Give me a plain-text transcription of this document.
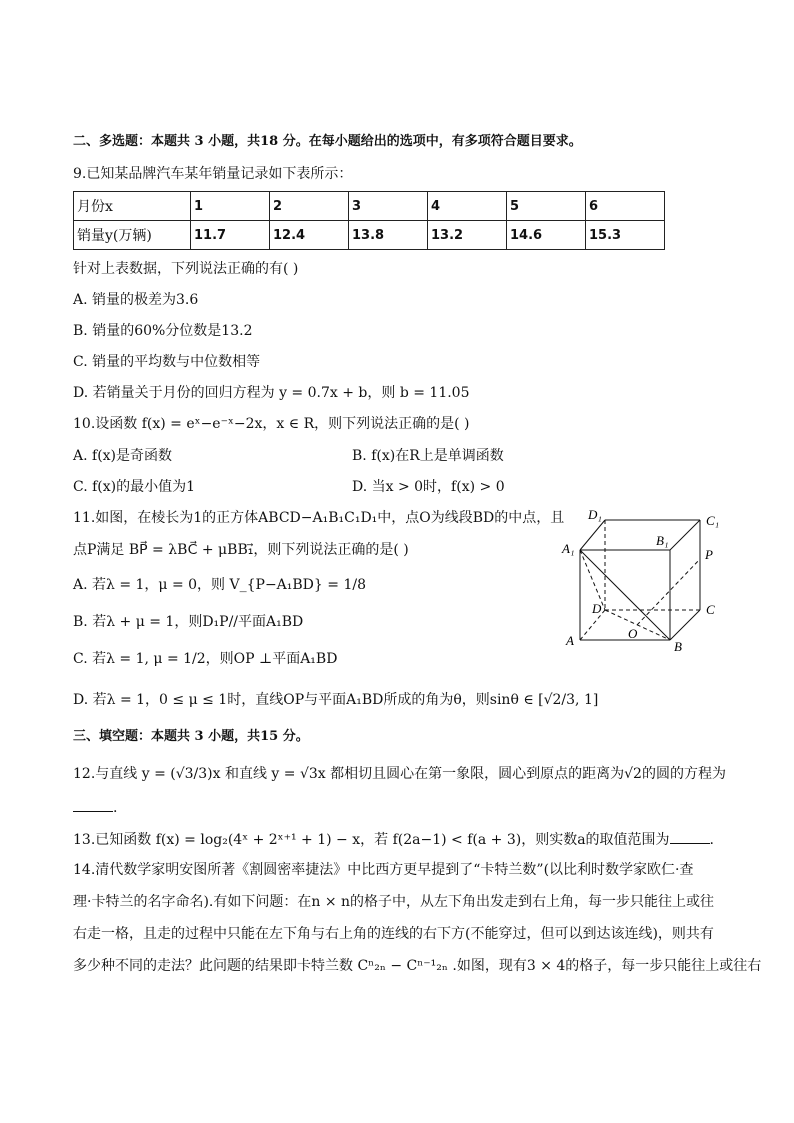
二、多选题：本题共 3 小题，共18 分。在每小题给出的选项中，有多项符合题目要求。
9.已知某品牌汽车某年销量记录如下表所示：
月份x	1	2	3	4	5	6
销量y(万辆)	11.7	12.4	13.8	13.2	14.6	15.3
针对上表数据，下列说法正确的有( )
A. 销量的极差为3.6
B. 销量的60%分位数是13.2
C. 销量的平均数与中位数相等
D. 若销量关于月份的回归方程为 y = 0.7x + b，则 b = 11.05
10.设函数 f(x) = eˣ−e⁻ˣ−2x，x ∈ R，则下列说法正确的是( )
A. f(x)是奇函数	B. f(x)在R上是单调函数
C. f(x)的最小值为1	D. 当x > 0时，f(x) > 0
11.如图，在棱长为1的正方体ABCD−A₁B₁C₁D₁中，点O为线段BD的中点，且
点P满足 BP⃗ = λBC⃗ + μBB₁⃗，则下列说法正确的是( )
A. 若λ = 1，μ = 0，则 V_{P−A₁BD} = 1/8
B. 若λ + μ = 1，则D₁P//平面A₁BD
C. 若λ = 1, μ = 1/2，则OP ⊥平面A₁BD
D. 若λ = 1，0 ≤ μ ≤ 1时，直线OP与平面A₁BD所成的角为θ，则sinθ ∈ [√2/3, 1]
D₁	C₁
A₁
B₁
P
D	C
O
A	B
三、填空题：本题共 3 小题，共15 分。
12.与直线 y = (√3/3)x 和直线 y = √3x 都相切且圆心在第一象限，圆心到原点的距离为√2的圆的方程为
.
13.已知函数 f(x) = log₂(4ˣ + 2ˣ⁺¹ + 1) − x，若 f(2a−1) < f(a + 3)，则实数a的取值范围为	.
14.清代数学家明安图所著《割圆密率捷法》中比西方更早提到了“卡特兰数”(以比利时数学家欧仁·查
理·卡特兰的名字命名).有如下问题：在n × n的格子中，从左下角出发走到右上角，每一步只能往上或往
右走一格，且走的过程中只能在左下角与右上角的连线的右下方(不能穿过，但可以到达该连线)，则共有
多少种不同的走法？此问题的结果即卡特兰数 Cⁿ₂ₙ − Cⁿ⁻¹₂ₙ .如图，现有3 × 4的格子，每一步只能往上或往右
